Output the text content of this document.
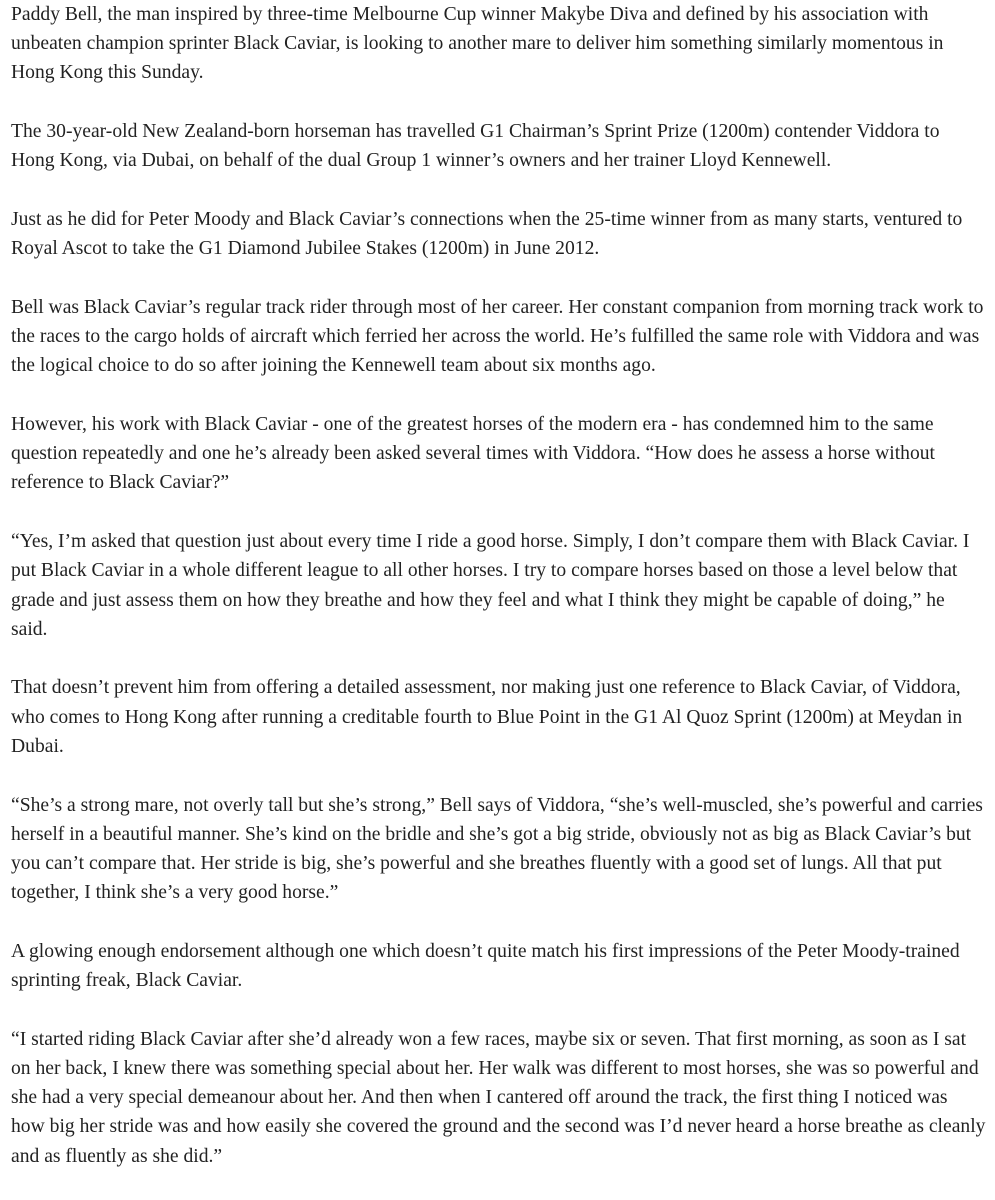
Paddy Bell, the man inspired by three-time Melbourne Cup winner Makybe Diva and defined by his association with unbeaten champion sprinter Black Caviar, is looking to another mare to deliver him something similarly momentous in Hong Kong this Sunday.

The 30-year-old New Zealand-born horseman has travelled G1 Chairman’s Sprint Prize (1200m) contender Viddora to Hong Kong, via Dubai, on behalf of the dual Group 1 winner’s owners and her trainer Lloyd Kennewell.

Just as he did for Peter Moody and Black Caviar’s connections when the 25-time winner from as many starts, ventured to Royal Ascot to take the G1 Diamond Jubilee Stakes (1200m) in June 2012.

Bell was Black Caviar’s regular track rider through most of her career. Her constant companion from morning track work to the races to the cargo holds of aircraft which ferried her across the world. He’s fulfilled the same role with Viddora and was the logical choice to do so after joining the Kennewell team about six months ago.

However, his work with Black Caviar - one of the greatest horses of the modern era - has condemned him to the same question repeatedly and one he’s already been asked several times with Viddora. “How does he assess a horse without reference to Black Caviar?”

“Yes, I’m asked that question just about every time I ride a good horse. Simply, I don’t compare them with Black Caviar. I put Black Caviar in a whole different league to all other horses. I try to compare horses based on those a level below that grade and just assess them on how they breathe and how they feel and what I think they might be capable of doing,” he said.

That doesn’t prevent him from offering a detailed assessment, nor making just one reference to Black Caviar, of Viddora, who comes to Hong Kong after running a creditable fourth to Blue Point in the G1 Al Quoz Sprint (1200m) at Meydan in Dubai.

“She’s a strong mare, not overly tall but she’s strong,” Bell says of Viddora, “she’s well-muscled, she’s powerful and carries herself in a beautiful manner. She’s kind on the bridle and she’s got a big stride, obviously not as big as Black Caviar’s but you can’t compare that. Her stride is big, she’s powerful and she breathes fluently with a good set of lungs. All that put together, I think she’s a very good horse.”

A glowing enough endorsement although one which doesn’t quite match his first impressions of the Peter Moody-trained sprinting freak, Black Caviar.

“I started riding Black Caviar after she’d already won a few races, maybe six or seven. That first morning, as soon as I sat on her back, I knew there was something special about her. Her walk was different to most horses, she was so powerful and she had a very special demeanour about her. And then when I cantered off around the track, the first thing I noticed was how big her stride was and how easily she covered the ground and the second was I’d never heard a horse breathe as cleanly and as fluently as she did.”
